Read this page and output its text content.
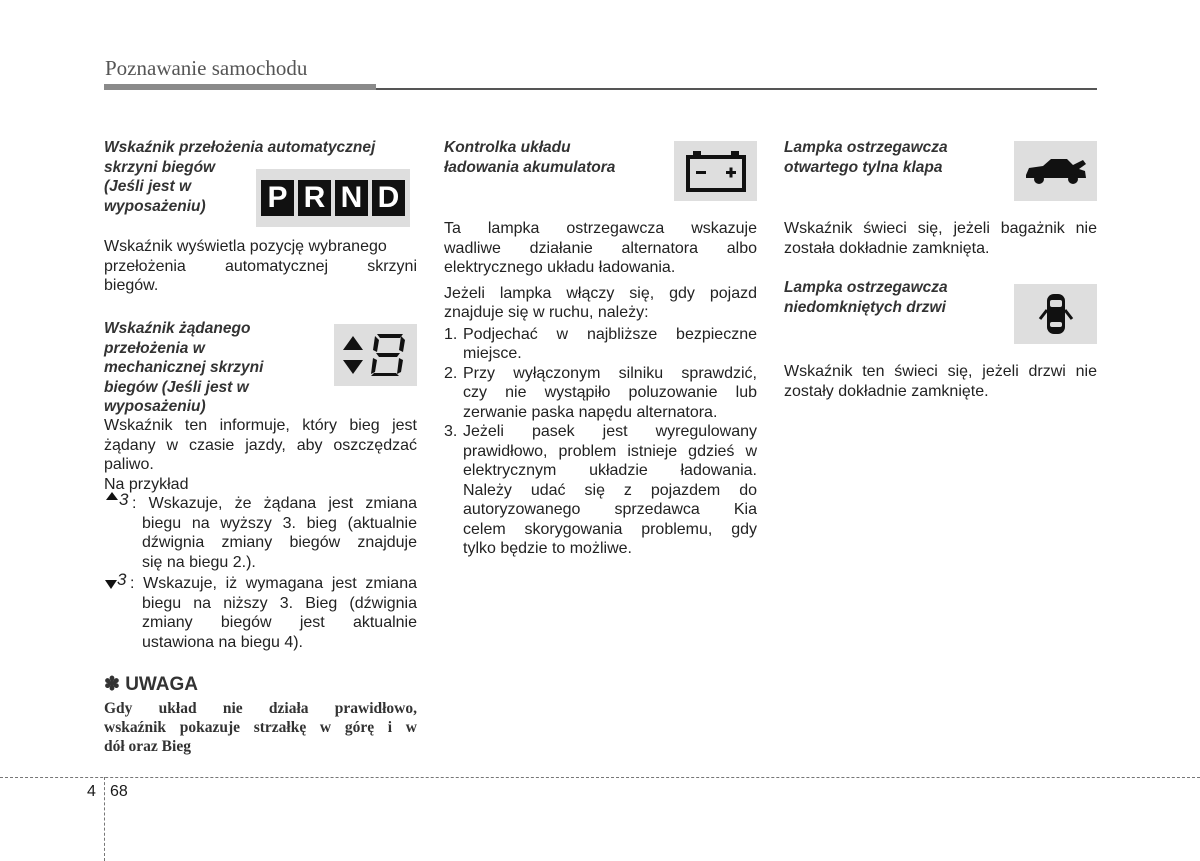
Poznawanie samochodu
Wskaźnik przełożenia automatycznej
skrzyni biegów
(Jeśli jest w
wyposażeniu)	P R N D
Wskaźnik wyświetla pozycję wybranego
przełożenia automatycznej skrzyni
biegów.
Wskaźnik żądanego
przełożenia w
mechanicznej skrzyni
biegów (Jeśli jest w
wyposażeniu)
Wskaźnik ten informuje, który bieg jest
żądany w czasie jazdy, aby oszczędzać
paliwo.
Na przykład
3 : Wskazuje, że żądana jest zmiana
biegu na wyższy 3. bieg (aktualnie
dźwignia zmiany biegów znajduje
się na biegu 2.).
3 : Wskazuje, iż wymagana jest zmiana
biegu na niższy 3. Bieg (dźwignia
zmiany biegów jest aktualnie
ustawiona na biegu 4).
✽ UWAGA
Gdy układ nie działa prawidłowo,
wskaźnik pokazuje strzałkę w górę i w
dół oraz Bieg
Kontrolka układu
ładowania akumulatora
Ta lampka ostrzegawcza wskazuje
wadliwe działanie alternatora albo
elektrycznego układu ładowania.
Jeżeli lampka włączy się, gdy pojazd
znajduje się w ruchu, należy:
1. Podjechać w najbliższe bezpieczne
miejsce.
2. Przy wyłączonym silniku sprawdzić,
czy nie wystąpiło poluzowanie lub
zerwanie paska napędu alternatora.
3. Jeżeli pasek jest wyregulowany
prawidłowo, problem istnieje gdzieś w
elektrycznym układzie ładowania.
Należy udać się z pojazdem do
autoryzowanego sprzedawca Kia
celem skorygowania problemu, gdy
tylko będzie to możliwe.
Lampka ostrzegawcza
otwartego tylna klapa
Wskaźnik świeci się, jeżeli bagażnik nie
została dokładnie zamknięta.
Lampka ostrzegawcza
niedomkniętych drzwi
Wskaźnik ten świeci się, jeżeli drzwi nie
zostały dokładnie zamknięte.
4 68
